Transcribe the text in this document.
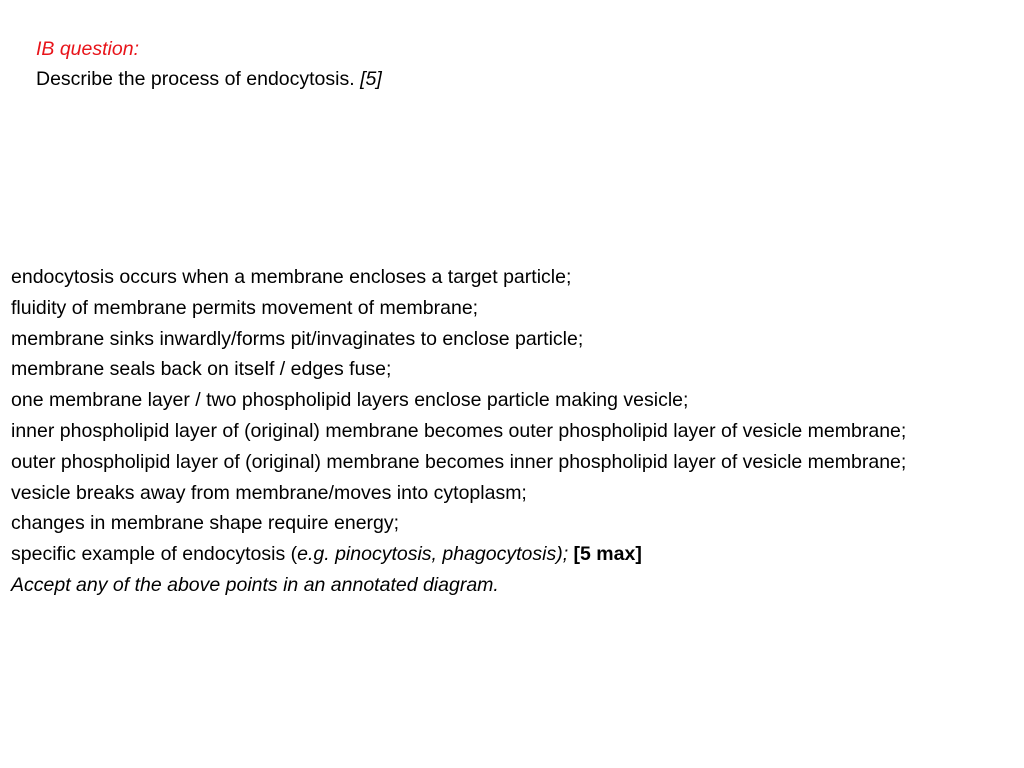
IB question:
Describe the process of endocytosis. [5]

endocytosis occurs when a membrane encloses a target particle;

fluidity of membrane permits movement of membrane;

membrane sinks inwardly/forms pit/invaginates to enclose particle;

membrane seals back on itself / edges fuse;

one membrane layer / two phospholipid layers enclose particle making vesicle;

inner phospholipid layer of (original) membrane becomes outer phospholipid layer of vesicle membrane;

outer phospholipid layer of (original) membrane becomes inner phospholipid layer of vesicle membrane;

vesicle breaks away from membrane/moves into cytoplasm;

changes in membrane shape require energy;

specific example of endocytosis (e.g. pinocytosis, phagocytosis); [5 max]

Accept any of the above points in an annotated diagram.
